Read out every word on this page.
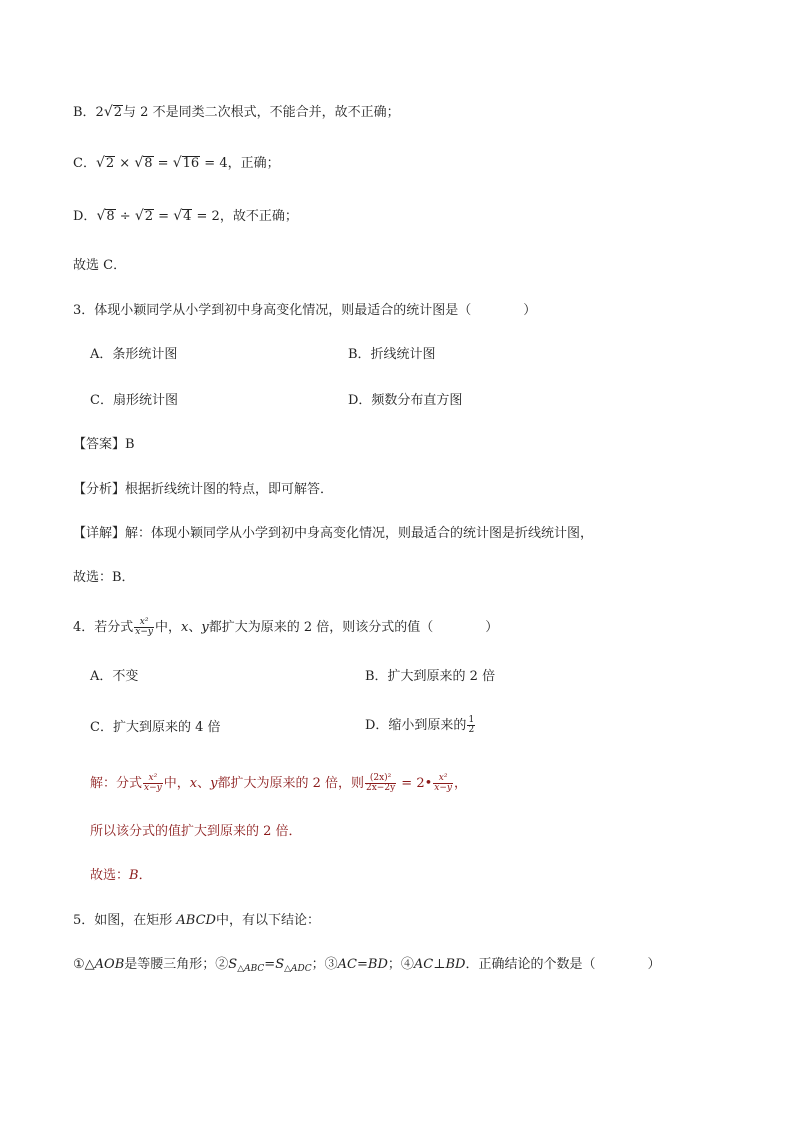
B．2√2与 2 不是同类二次根式，不能合并，故不正确；
C．√2 × √8 = √16 = 4，正确；
D．√8 ÷ √2 = √4 = 2，故不正确；
故选 C．
3．体现小颖同学从小学到初中身高变化情况，则最适合的统计图是（　　　　）
A．条形统计图	B．折线统计图
C．扇形统计图	D．频数分布直方图
【答案】B
【分析】根据折线统计图的特点，即可解答．
【详解】解：体现小颖同学从小学到初中身高变化情况，则最适合的统计图是折线统计图，
故选：B．
4．若分式 $\frac{\text{x²}}{x-y}$ 中，x、y都扩大为原来的 2 倍，则该分式的值（　　　　）
A．不变	B．扩大到原来的 2 倍
C．扩大到原来的 4 倍	D．缩小到原来的 $\frac{1}{2}$
解：分式 $\frac{\text{x²}}{x-y}$ 中，x、y都扩大为原来的 2 倍，则 $\frac{\text{(2x)²}}{2x-2y}$ = 2• $\frac{\text{x²}}{x-y}$ ，
所以该分式的值扩大到原来的 2 倍．
故选：B．
5．如图，在矩形 ABCD中，有以下结论：
①△AOB是等腰三角形；$②S_{\triangle ABC}=S_{\triangle ADC}$；③AC=BD；④AC⊥BD．正确结论的个数是（　　　　）
